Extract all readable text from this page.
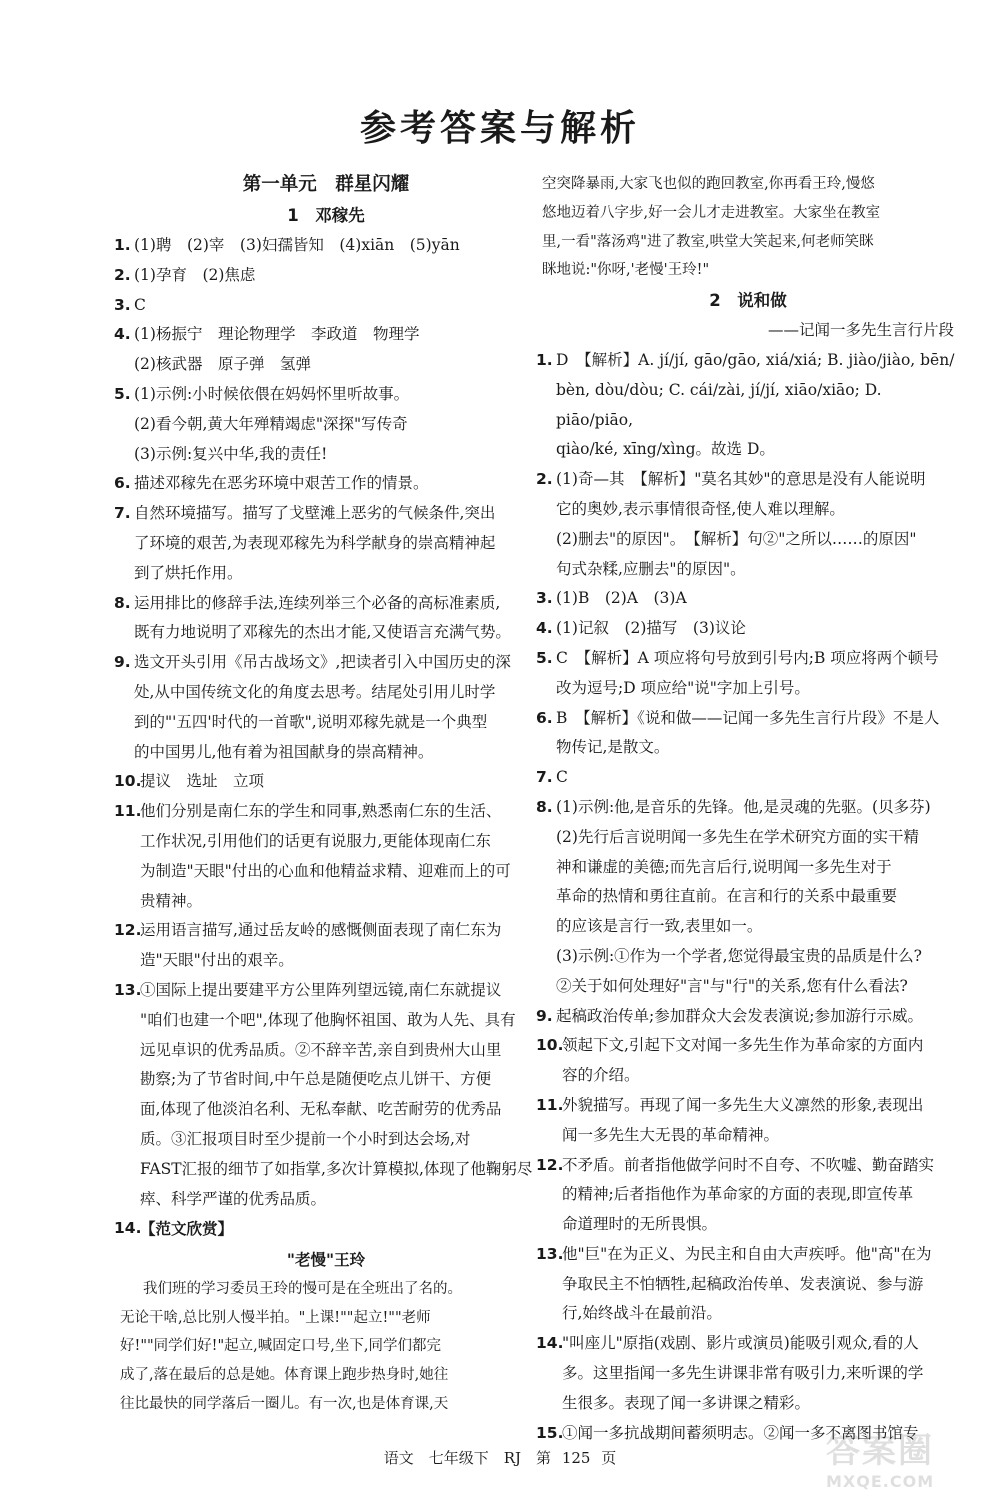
参考答案与解析
第一单元　群星闪耀
1　邓稼先
1. (1)聘　(2)宰　(3)妇孺皆知　(4)xiān　(5)yān
2. (1)孕育　(2)焦虑
3. C
4. (1)杨振宁　理论物理学　李政道　物理学
(2)核武器　原子弹　氢弹
5. (1)示例:小时候依偎在妈妈怀里听故事。
(2)看今朝,黄大年殚精竭虑"深探"写传奇
(3)示例:复兴中华,我的责任!
6. 描述邓稼先在恶劣环境中艰苦工作的情景。
7. 自然环境描写。描写了戈壁滩上恶劣的气候条件,突出
了环境的艰苦,为表现邓稼先为科学献身的崇高精神起
到了烘托作用。
8. 运用排比的修辞手法,连续列举三个必备的高标准素质,
既有力地说明了邓稼先的杰出才能,又使语言充满气势。
9. 选文开头引用《吊古战场文》,把读者引入中国历史的深
处,从中国传统文化的角度去思考。结尾处引用儿时学
到的"'五四'时代的一首歌",说明邓稼先就是一个典型
的中国男儿,他有着为祖国献身的崇高精神。
10.
提议　选址　立项
11.
他们分别是南仁东的学生和同事,熟悉南仁东的生活、
工作状况,引用他们的话更有说服力,更能体现南仁东
为制造"天眼"付出的心血和他精益求精、迎难而上的可
贵精神。
12.
运用语言描写,通过岳友岭的感慨侧面表现了南仁东为
造"天眼"付出的艰辛。
13.
①国际上提出要建平方公里阵列望远镜,南仁东就提议
"咱们也建一个吧",体现了他胸怀祖国、敢为人先、具有
远见卓识的优秀品质。②不辞辛苦,亲自到贵州大山里
勘察;为了节省时间,中午总是随便吃点儿饼干、方便
面,体现了他淡泊名利、无私奉献、吃苦耐劳的优秀品
质。③汇报项目时至少提前一个小时到达会场,对
FAST汇报的细节了如指掌,多次计算模拟,体现了他鞠躬尽
瘁、科学严谨的优秀品质。
14.
【范文欣赏】
"老慢"王玲
我们班的学习委员王玲的慢可是在全班出了名的。
无论干啥,总比别人慢半拍。"上课!""起立!""老师
好!""同学们好!"起立,喊固定口号,坐下,同学们都完
成了,落在最后的总是她。体育课上跑步热身时,她往
往比最快的同学落后一圈儿。有一次,也是体育课,天
空突降暴雨,大家飞也似的跑回教室,你再看王玲,慢悠
悠地迈着八字步,好一会儿才走进教室。大家坐在教室
里,一看"落汤鸡"进了教室,哄堂大笑起来,何老师笑眯
眯地说:"你呀,'老慢'王玲!"
2　说和做
——记闻一多先生言行片段
1. D　【解析】A. jí/jí, gāo/gāo, xiá/xiá; B. jiào/jiào, bēn/
bèn, dòu/dòu; C. cái/zài, jí/jí, xiāo/xiāo; D. piāo/piāo,
qiào/ké, xīng/xìng。故选 D。
2. (1)奇—其　【解析】"莫名其妙"的意思是没有人能说明
它的奥妙,表示事情很奇怪,使人难以理解。
(2)删去"的原因"。　【解析】句②"之所以……的原因"
句式杂糅,应删去"的原因"。
3. (1)B　(2)A　(3)A
4. (1)记叙　(2)描写　(3)议论
5. C　【解析】A 项应将句号放到引号内;B 项应将两个顿号
改为逗号;D 项应给"说"字加上引号。
6. B　【解析】《说和做——记闻一多先生言行片段》不是人
物传记,是散文。
7. C
8. (1)示例:他,是音乐的先锋。他,是灵魂的先驱。(贝多芬)
(2)先行后言说明闻一多先生在学术研究方面的实干精
神和谦虚的美德;而先言后行,说明闻一多先生对于
革命的热情和勇往直前。在言和行的关系中最重要
的应该是言行一致,表里如一。
(3)示例:①作为一个学者,您觉得最宝贵的品质是什么?
②关于如何处理好"言"与"行"的关系,您有什么看法?
9. 起稿政治传单;参加群众大会发表演说;参加游行示威。
10.
领起下文,引起下文对闻一多先生作为革命家的方面内
容的介绍。
11.
外貌描写。再现了闻一多先生大义凛然的形象,表现出
闻一多先生大无畏的革命精神。
12.
不矛盾。前者指他做学问时不自夸、不吹嘘、勤奋踏实
的精神;后者指他作为革命家的方面的表现,即宣传革
命道理时的无所畏惧。
13.
他"巨"在为正义、为民主和自由大声疾呼。他"高"在为
争取民主不怕牺牲,起稿政治传单、发表演说、参与游
行,始终战斗在最前沿。
14.
"叫座儿"原指(戏剧、影片或演员)能吸引观众,看的人
多。这里指闻一多先生讲课非常有吸引力,来听课的学
生很多。表现了闻一多讲课之精彩。
15.
①闻一多抗战期间蓄须明志。②闻一多不离图书馆专
语文　七年级下　RJ　第 125 页	答案圈
MXQE.COM
